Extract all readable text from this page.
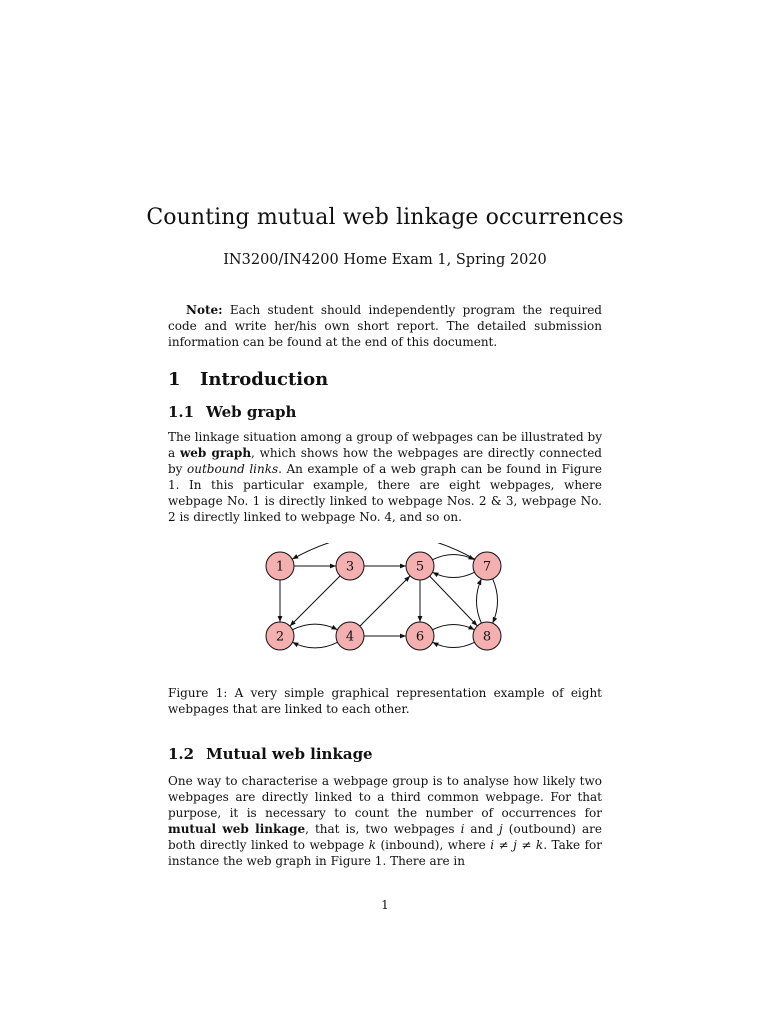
Counting mutual web linkage occurrences
IN3200/IN4200 Home Exam 1, Spring 2020

Note: Each student should independently program the required code and write her/his own short report. The detailed submission information can be found at the end of this document.

1 Introduction
1.1 Web graph

The linkage situation among a group of webpages can be illustrated by a web graph, which shows how the webpages are directly connected by outbound links. An example of a web graph can be found in Figure 1. In this particular example, there are eight webpages, where webpage No. 1 is directly linked to webpage Nos. 2 & 3, webpage No. 2 is directly linked to webpage No. 4, and so on.

1
2
3
4
5
6
7
8

Figure 1: A very simple graphical representation example of eight webpages that are linked to each other.

1.2 Mutual web linkage

One way to characterise a webpage group is to analyse how likely two webpages are directly linked to a third common webpage. For that purpose, it is necessary to count the number of occurrences for mutual web linkage, that is, two webpages i and j (outbound) are both directly linked to webpage k (inbound), where i ≠ j ≠ k. Take for instance the web graph in Figure 1. There are in

1
